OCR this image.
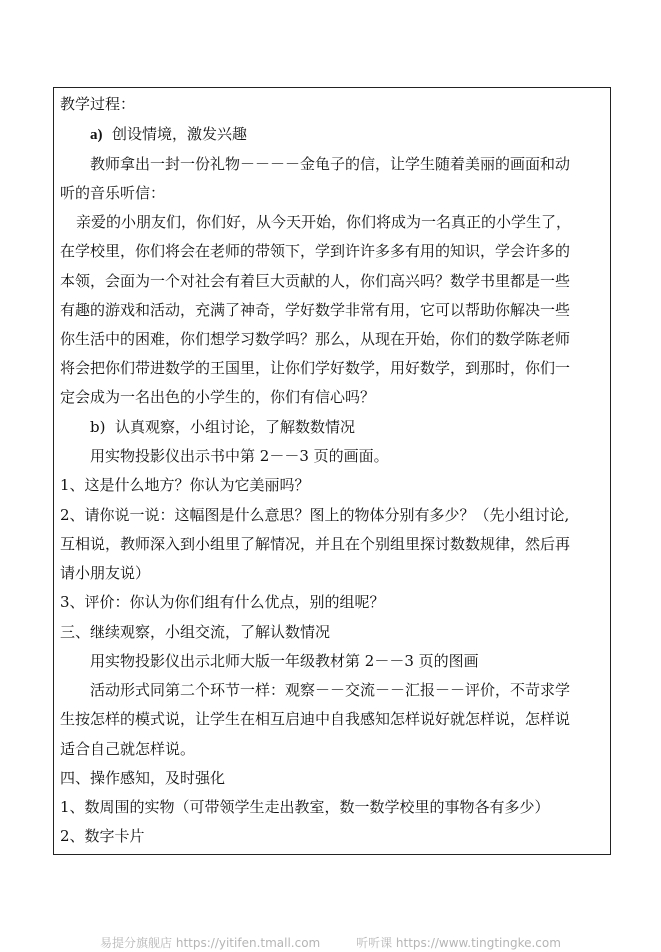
教学过程：
a) 创设情境，激发兴趣
教师拿出一封一份礼物－－－－金龟子的信，让学生随着美丽的画面和动
听的音乐听信：
亲爱的小朋友们，你们好，从今天开始，你们将成为一名真正的小学生了，
在学校里，你们将会在老师的带领下，学到许许多多有用的知识，学会许多的
本领，会面为一个对社会有着巨大贡献的人，你们高兴吗？数学书里都是一些
有趣的游戏和活动，充满了神奇，学好数学非常有用，它可以帮助你解决一些
你生活中的困难，你们想学习数学吗？那么，从现在开始，你们的数学陈老师
将会把你们带进数学的王国里，让你们学好数学，用好数学，到那时，你们一
定会成为一名出色的小学生的，你们有信心吗？
b) 认真观察，小组讨论，了解数数情况
用实物投影仪出示书中第 2－－3 页的画面。
1、这是什么地方？你认为它美丽吗？
2、请你说一说：这幅图是什么意思？图上的物体分别有多少？（先小组讨论,
互相说，教师深入到小组里了解情况，并且在个别组里探讨数数规律，然后再
请小朋友说）
3、评价：你认为你们组有什么优点，别的组呢？
三、继续观察，小组交流，了解认数情况
用实物投影仪出示北师大版一年级教材第 2－－3 页的图画
活动形式同第二个环节一样：观察－－交流－－汇报－－评价，不苛求学
生按怎样的模式说，让学生在相互启迪中自我感知怎样说好就怎样说，怎样说
适合自己就怎样说。
四、操作感知，及时强化
1、数周围的实物（可带领学生走出教室，数一数学校里的事物各有多少）
2、数字卡片
易提分旗舰店 https://yitifen.tmall.com	听听课 https://www.tingtingke.com
